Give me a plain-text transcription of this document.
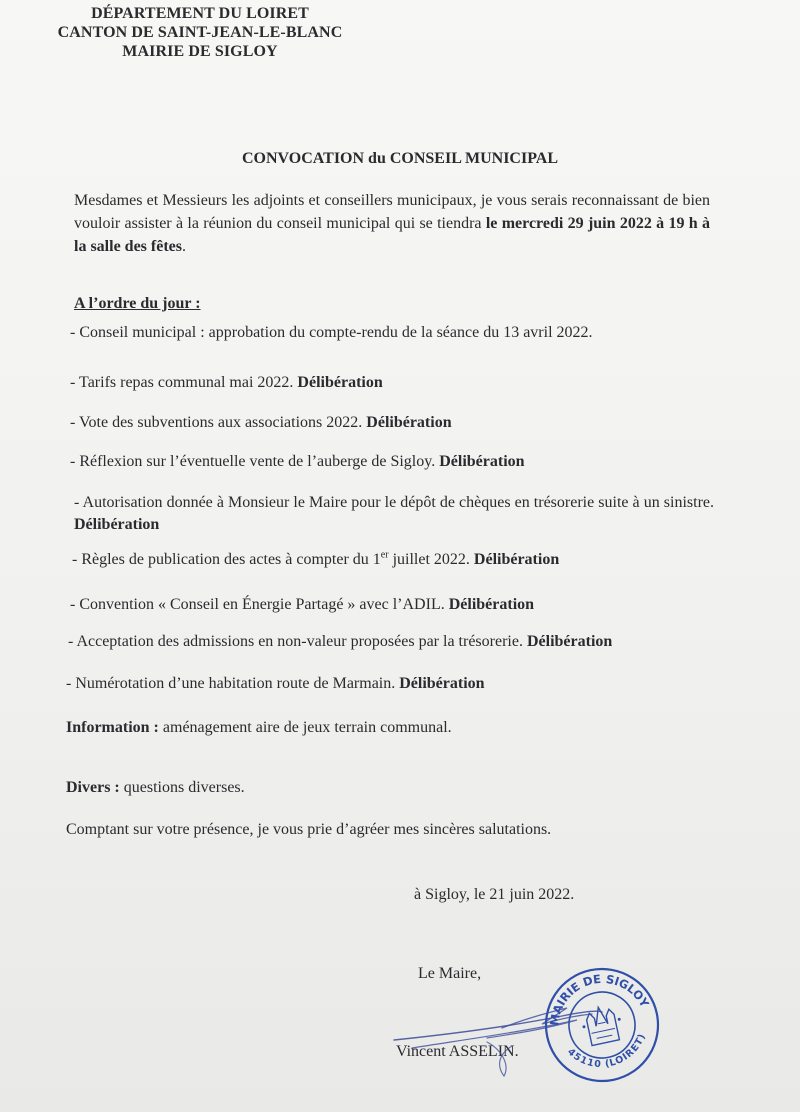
DÉPARTEMENT DU LOIRET
CANTON DE SAINT-JEAN-LE-BLANC
MAIRIE DE SIGLOY
CONVOCATION du CONSEIL MUNICIPAL
Mesdames et Messieurs les adjoints et conseillers municipaux, je vous serais reconnaissant de bien vouloir assister à la réunion du conseil municipal qui se tiendra le mercredi 29 juin 2022 à 19 h à la salle des fêtes.
A l’ordre du jour :
- Conseil municipal : approbation du compte-rendu de la séance du 13 avril 2022.
- Tarifs repas communal mai 2022. Délibération
- Vote des subventions aux associations 2022. Délibération
- Réflexion sur l’éventuelle vente de l’auberge de Sigloy. Délibération
- Autorisation donnée à Monsieur le Maire pour le dépôt de chèques en trésorerie suite à un sinistre. Délibération
- Règles de publication des actes à compter du 1er juillet 2022. Délibération
- Convention « Conseil en Énergie Partagé » avec l’ADIL. Délibération
- Acceptation des admissions en non-valeur proposées par la trésorerie. Délibération
- Numérotation d’une habitation route de Marmain. Délibération
Information : aménagement aire de jeux terrain communal.
Divers : questions diverses.
Comptant sur votre présence, je vous prie d’agréer mes sincères salutations.
à Sigloy, le 21 juin 2022.
Le Maire,
Vincent ASSELIN.
MAIRIE DE SIGLOY
45110 (LOIRET)
